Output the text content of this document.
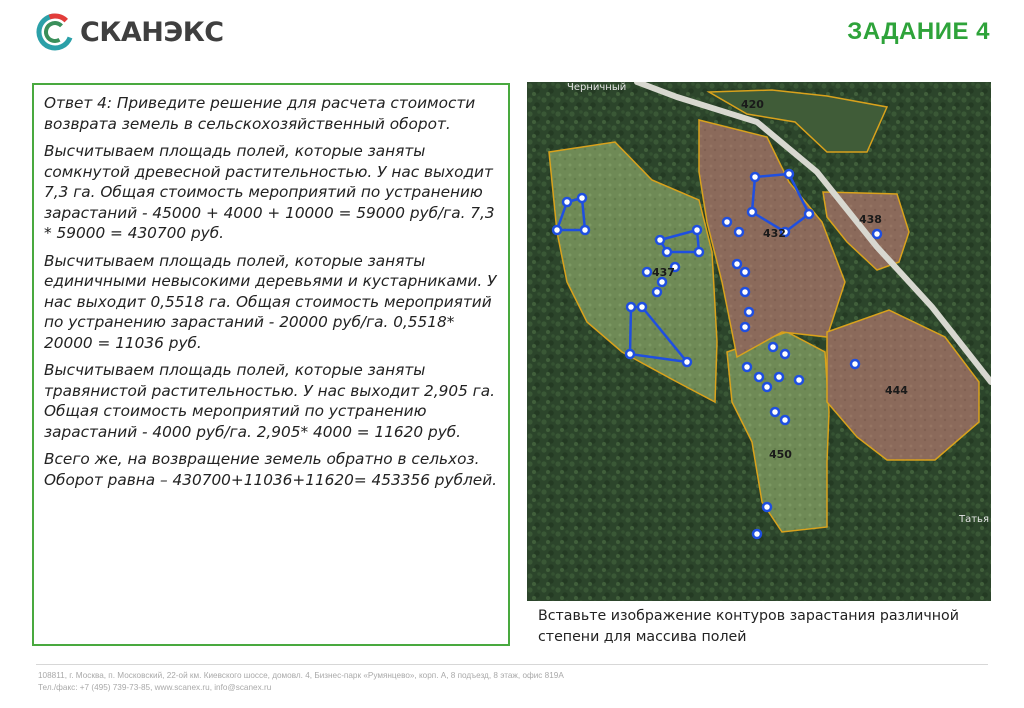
СКАНЭКС	ЗАДАНИЕ 4

Ответ 4: Приведите решение для расчета стоимости возврата земель в сельскохозяйственный оборот.

Высчитываем площадь полей, которые заняты сомкнутой древесной растительностью. У нас выходит 7,3 га. Общая стоимость мероприятий по устранению зарастаний - 45000 + 4000 + 10000 = 59000 руб/га. 7,3 * 59000 = 430700 руб.

Высчитываем площадь полей, которые заняты единичными невысокими деревьями и кустарниками. У нас выходит 0,5518 га. Общая стоимость мероприятий по устранению зарастаний - 20000 руб/га. 0,5518* 20000 = 11036 руб.

Высчитываем площадь полей, которые заняты травянистой растительностью. У нас выходит 2,905 га. Общая стоимость мероприятий по устранению зарастаний - 4000 руб/га. 2,905* 4000 = 11620 руб.

Всего же, на возвращение земель обратно в сельхоз. Оборот равна – 430700+11036+11620= 453356 рублей.

420
432
438
444
450
437
Черничный
Татья
Вставьте изображение контуров зарастания различной степени для массива полей
108811, г. Москва, п. Московский, 22-ой км. Киевского шоссе, домовл. 4, Бизнес-парк «Румянцево», корп. А, 8 подъезд, 8 этаж, офис 819А
Тел./факс: +7 (495) 739-73-85, www.scanex.ru, info@scanex.ru
